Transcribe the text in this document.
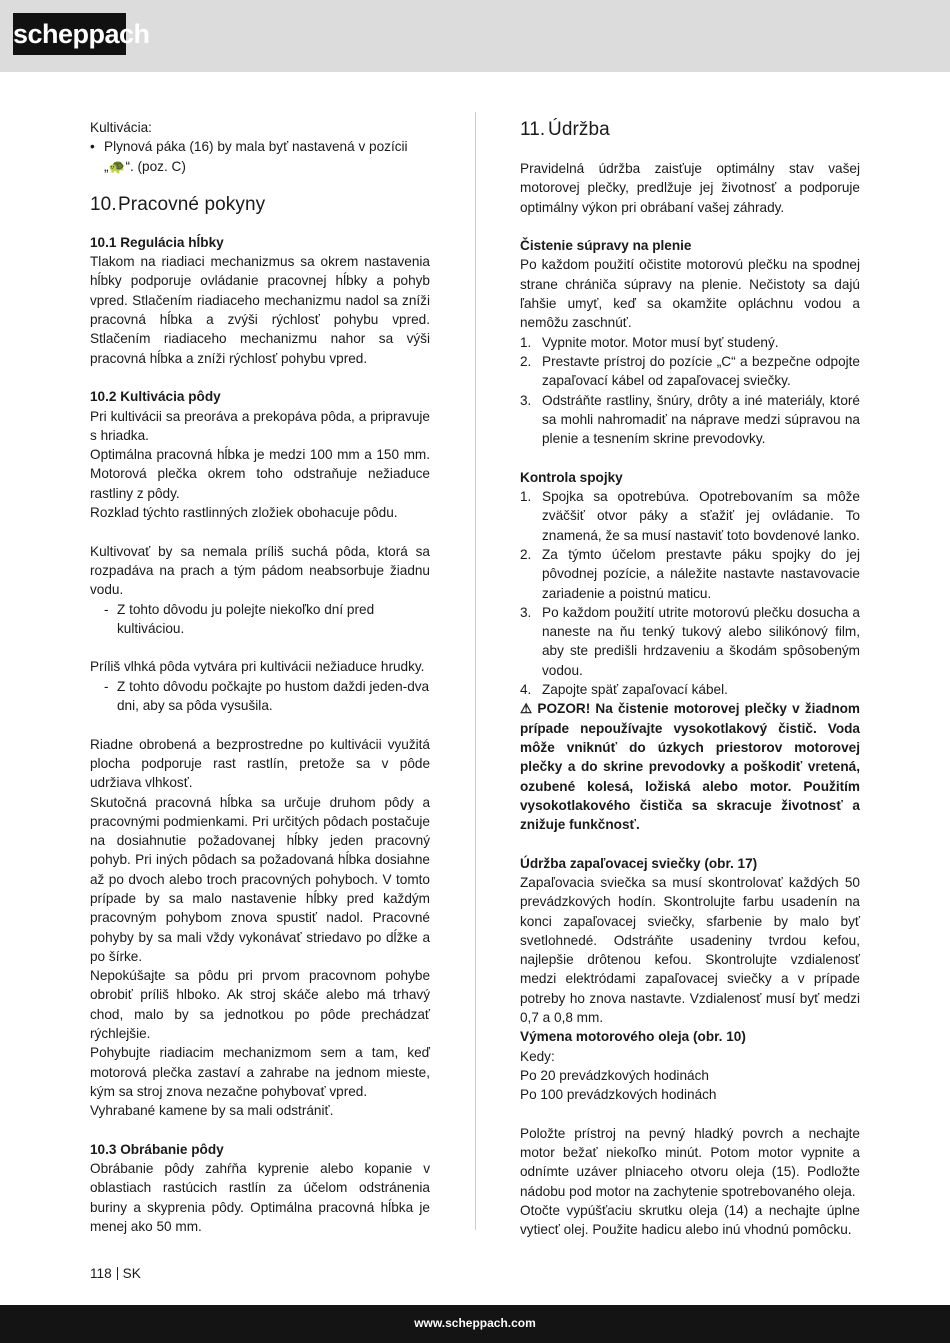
scheppach

Kultivácia:

• Plynová páka (16) by mala byť nastavená v pozícii
„🐢“. (poz. C)
10.Pracovné pokyny

10.1 Regulácia hĺbky

Tlakom na riadiaci mechanizmus sa okrem nastavenia hĺbky podporuje ovládanie pracovnej hĺbky a pohyb vpred. Stlačením riadiaceho mechanizmu nadol sa zníži pracovná hĺbka a zvýši rýchlosť pohybu vpred. Stlačením riadiaceho mechanizmu nahor sa výši pracovná hĺbka a zníži rýchlosť pohybu vpred.

10.2 Kultivácia pôdy

Pri kultivácii sa preoráva a prekopáva pôda, a pripravuje s hriadka.

Optimálna pracovná hĺbka je medzi 100 mm a 150 mm. Motorová plečka okrem toho odstraňuje nežiaduce rastliny z pôdy.

Rozklad týchto rastlinných zložiek obohacuje pôdu.

Kultivovať by sa nemala príliš suchá pôda, ktorá sa rozpadáva na prach a tým pádom neabsorbuje žiadnu vodu.

- Z tohto dôvodu ju polejte niekoľko dní pred kultiváciou.

Príliš vlhká pôda vytvára pri kultivácii nežiaduce hrudky.

- Z tohto dôvodu počkajte po hustom daždi jeden-dva dni, aby sa pôda vysušila.

Riadne obrobená a bezprostredne po kultivácii využitá plocha podporuje rast rastlín, pretože sa v pôde udržiava vlhkosť.

Skutočná pracovná hĺbka sa určuje druhom pôdy a pracovnými podmienkami. Pri určitých pôdach postačuje na dosiahnutie požadovanej hĺbky jeden pracovný pohyb. Pri iných pôdach sa požadovaná hĺbka dosiahne až po dvoch alebo troch pracovných pohyboch. V tomto prípade by sa malo nastavenie hĺbky pred každým pracovným pohybom znova spustiť nadol. Pracovné pohyby by sa mali vždy vykonávať striedavo po dĺžke a po šírke.

Nepokúšajte sa pôdu pri prvom pracovnom pohybe obrobiť príliš hlboko. Ak stroj skáče alebo má trhavý chod, malo by sa jednotkou po pôde prechádzať rýchlejšie.

Pohybujte riadiacim mechanizmom sem a tam, keď motorová plečka zastaví a zahrabe na jednom mieste, kým sa stroj znova nezačne pohybovať vpred.

Vyhrabané kamene by sa mali odstrániť.

10.3 Obrábanie pôdy

Obrábanie pôdy zahŕňa kyprenie alebo kopanie v oblastiach rastúcich rastlín za účelom odstránenia buriny a skyprenia pôdy. Optimálna pracovná hĺbka je menej ako 50 mm.

11. Údržba

Pravidelná údržba zaisťuje optimálny stav vašej motorovej plečky, predlžuje jej životnosť a podporuje optimálny výkon pri obrábaní vašej záhrady.

Čistenie súpravy na plenie

Po každom použití očistite motorovú plečku na spodnej strane chrániča súpravy na plenie. Nečistoty sa dajú ľahšie umyť, keď sa okamžite opláchnu vodou a nemôžu zaschnúť.

1. Vypnite motor. Motor musí byť studený.
2. Prestavte prístroj do pozície „C“ a bezpečne odpojte zapaľovací kábel od zapaľovacej sviečky.
3. Odstráňte rastliny, šnúry, drôty a iné materiály, ktoré sa mohli nahromadiť na náprave medzi súpravou na plenie a tesnením skrine prevodovky.

Kontrola spojky

1. Spojka sa opotrebúva. Opotrebovaním sa môže zväčšiť otvor páky a sťažiť jej ovládanie. To znamená, že sa musí nastaviť toto bovdenové lanko.
2. Za týmto účelom prestavte páku spojky do jej pôvodnej pozície, a náležite nastavte nastavovacie zariadenie a poistnú maticu.
3. Po každom použití utrite motorovú plečku dosucha a naneste na ňu tenký tukový alebo silikónový film, aby ste predišli hrdzaveniu a škodám spôsobeným vodou.
4. Zapojte späť zapaľovací kábel.

⚠ POZOR! Na čistenie motorovej plečky v žiadnom prípade nepoužívajte vysokotlakový čistič. Voda môže vniknúť do úzkych priestorov motorovej plečky a do skrine prevodovky a poškodiť vretená, ozubené kolesá, ložiská alebo motor. Použitím vysokotlakového čističa sa skracuje životnosť a znižuje funkčnosť.

Údržba zapaľovacej sviečky (obr. 17)

Zapaľovacia sviečka sa musí skontrolovať každých 50 prevádzkových hodín. Skontrolujte farbu usadenín na konci zapaľovacej sviečky, sfarbenie by malo byť svetlohnedé. Odstráňte usadeniny tvrdou kefou, najlepšie drôtenou kefou. Skontrolujte vzdialenosť medzi elektródami zapaľovacej sviečky a v prípade potreby ho znova nastavte. Vzdialenosť musí byť medzi 0,7 a 0,8 mm.

Výmena motorového oleja (obr. 10)

Kedy:

Po 20 prevádzkových hodinách

Po 100 prevádzkových hodinách

Položte prístroj na pevný hladký povrch a nechajte motor bežať niekoľko minút. Potom motor vypnite a odnímte uzáver plniaceho otvoru oleja (15). Podložte nádobu pod motor na zachytenie spotrebovaného oleja.

Otočte vypúšťaciu skrutku oleja (14) a nechajte úplne vytiecť olej. Použite hadicu alebo inú vhodnú pomôcku.

118 SK
www.scheppach.com
